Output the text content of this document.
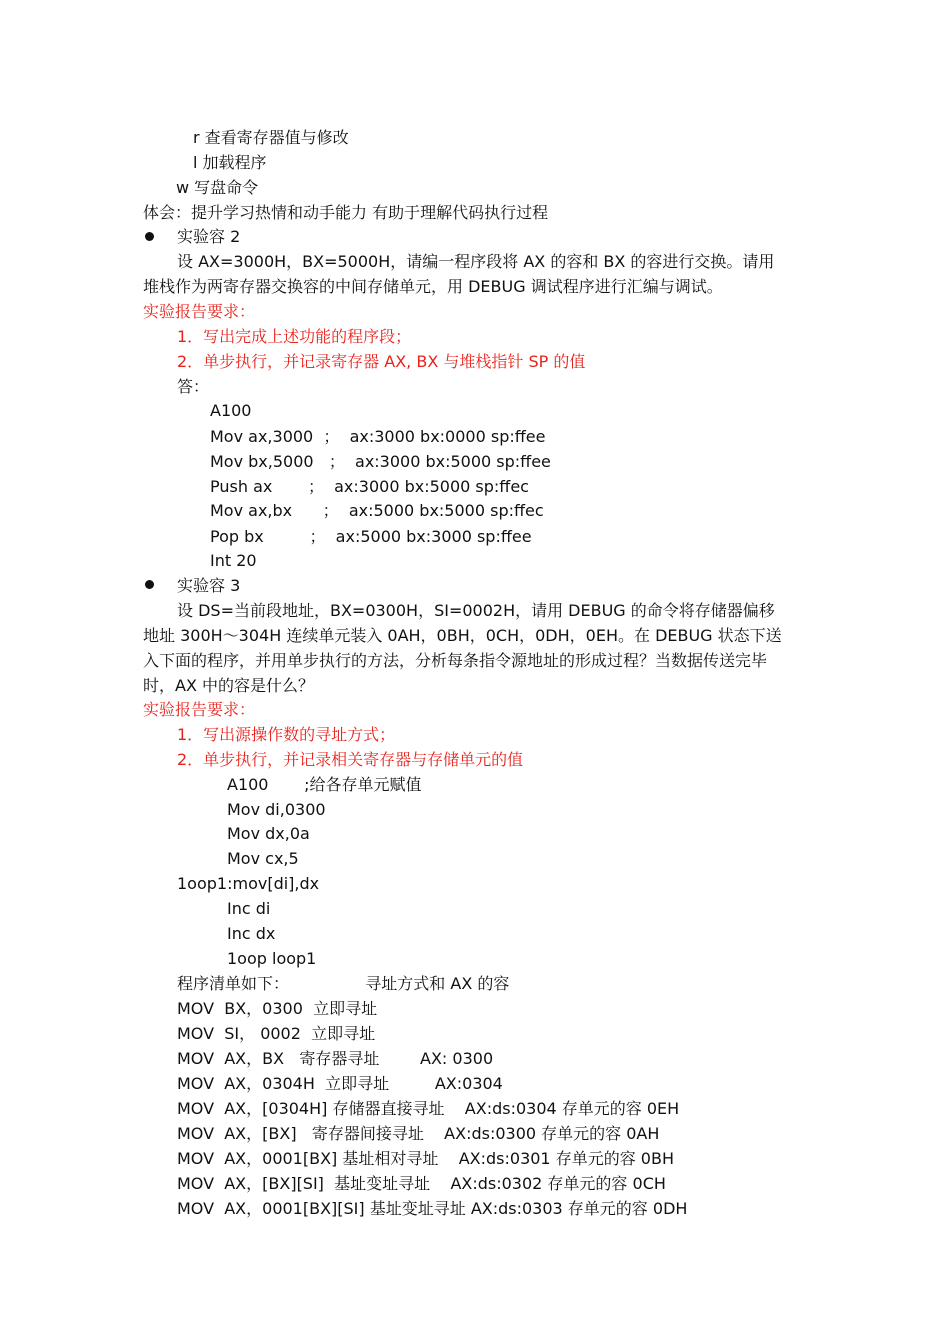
r 查看寄存器值与修改
l 加载程序
w 写盘命令
体会：提升学习热情和动手能力 有助于理解代码执行过程
实验容 2
设 AX=3000H，BX=5000H，请编一程序段将 AX 的容和 BX 的容进行交换。请用
堆栈作为两寄存器交换容的中间存储单元，用 DEBUG 调试程序进行汇编与调试。
实验报告要求：
1．写出完成上述功能的程序段；
2．单步执行，并记录寄存器 AX, BX 与堆栈指针 SP 的值
答：
A100
Mov ax,3000  ；  ax:3000 bx:0000 sp:ffee
Mov bx,5000   ；  ax:3000 bx:5000 sp:ffee
Push ax       ；  ax:3000 bx:5000 sp:ffec
Mov ax,bx      ；  ax:5000 bx:5000 sp:ffec
Pop bx         ；  ax:5000 bx:3000 sp:ffee
Int 20
实验容 3
设 DS=当前段地址，BX=0300H，SI=0002H，请用 DEBUG 的命令将存储器偏移
地址 300H～304H 连续单元装入 0AH，0BH，0CH，0DH，0EH。在 DEBUG 状态下送
入下面的程序，并用单步执行的方法，分析每条指令源地址的形成过程？当数据传送完毕
时，AX 中的容是什么？
实验报告要求：
1．写出源操作数的寻址方式；
2．单步执行，并记录相关寄存器与存储单元的值
A100       ;给各存单元赋值
Mov di,0300
Mov dx,0a
Mov cx,5
1oop1:mov[di],dx
Inc di
Inc dx
1oop loop1
程序清单如下：               寻址方式和 AX 的容
MOV  BX，0300  立即寻址
MOV  SI， 0002  立即寻址
MOV  AX，BX   寄存器寻址        AX: 0300
MOV  AX，0304H  立即寻址         AX:0304
MOV  AX，[0304H] 存储器直接寻址    AX:ds:0304 存单元的容 0EH
MOV  AX，[BX]   寄存器间接寻址    AX:ds:0300 存单元的容 0AH
MOV  AX，0001[BX] 基址相对寻址    AX:ds:0301 存单元的容 0BH
MOV  AX，[BX][SI]  基址变址寻址    AX:ds:0302 存单元的容 0CH
MOV  AX，0001[BX][SI] 基址变址寻址 AX:ds:0303 存单元的容 0DH
